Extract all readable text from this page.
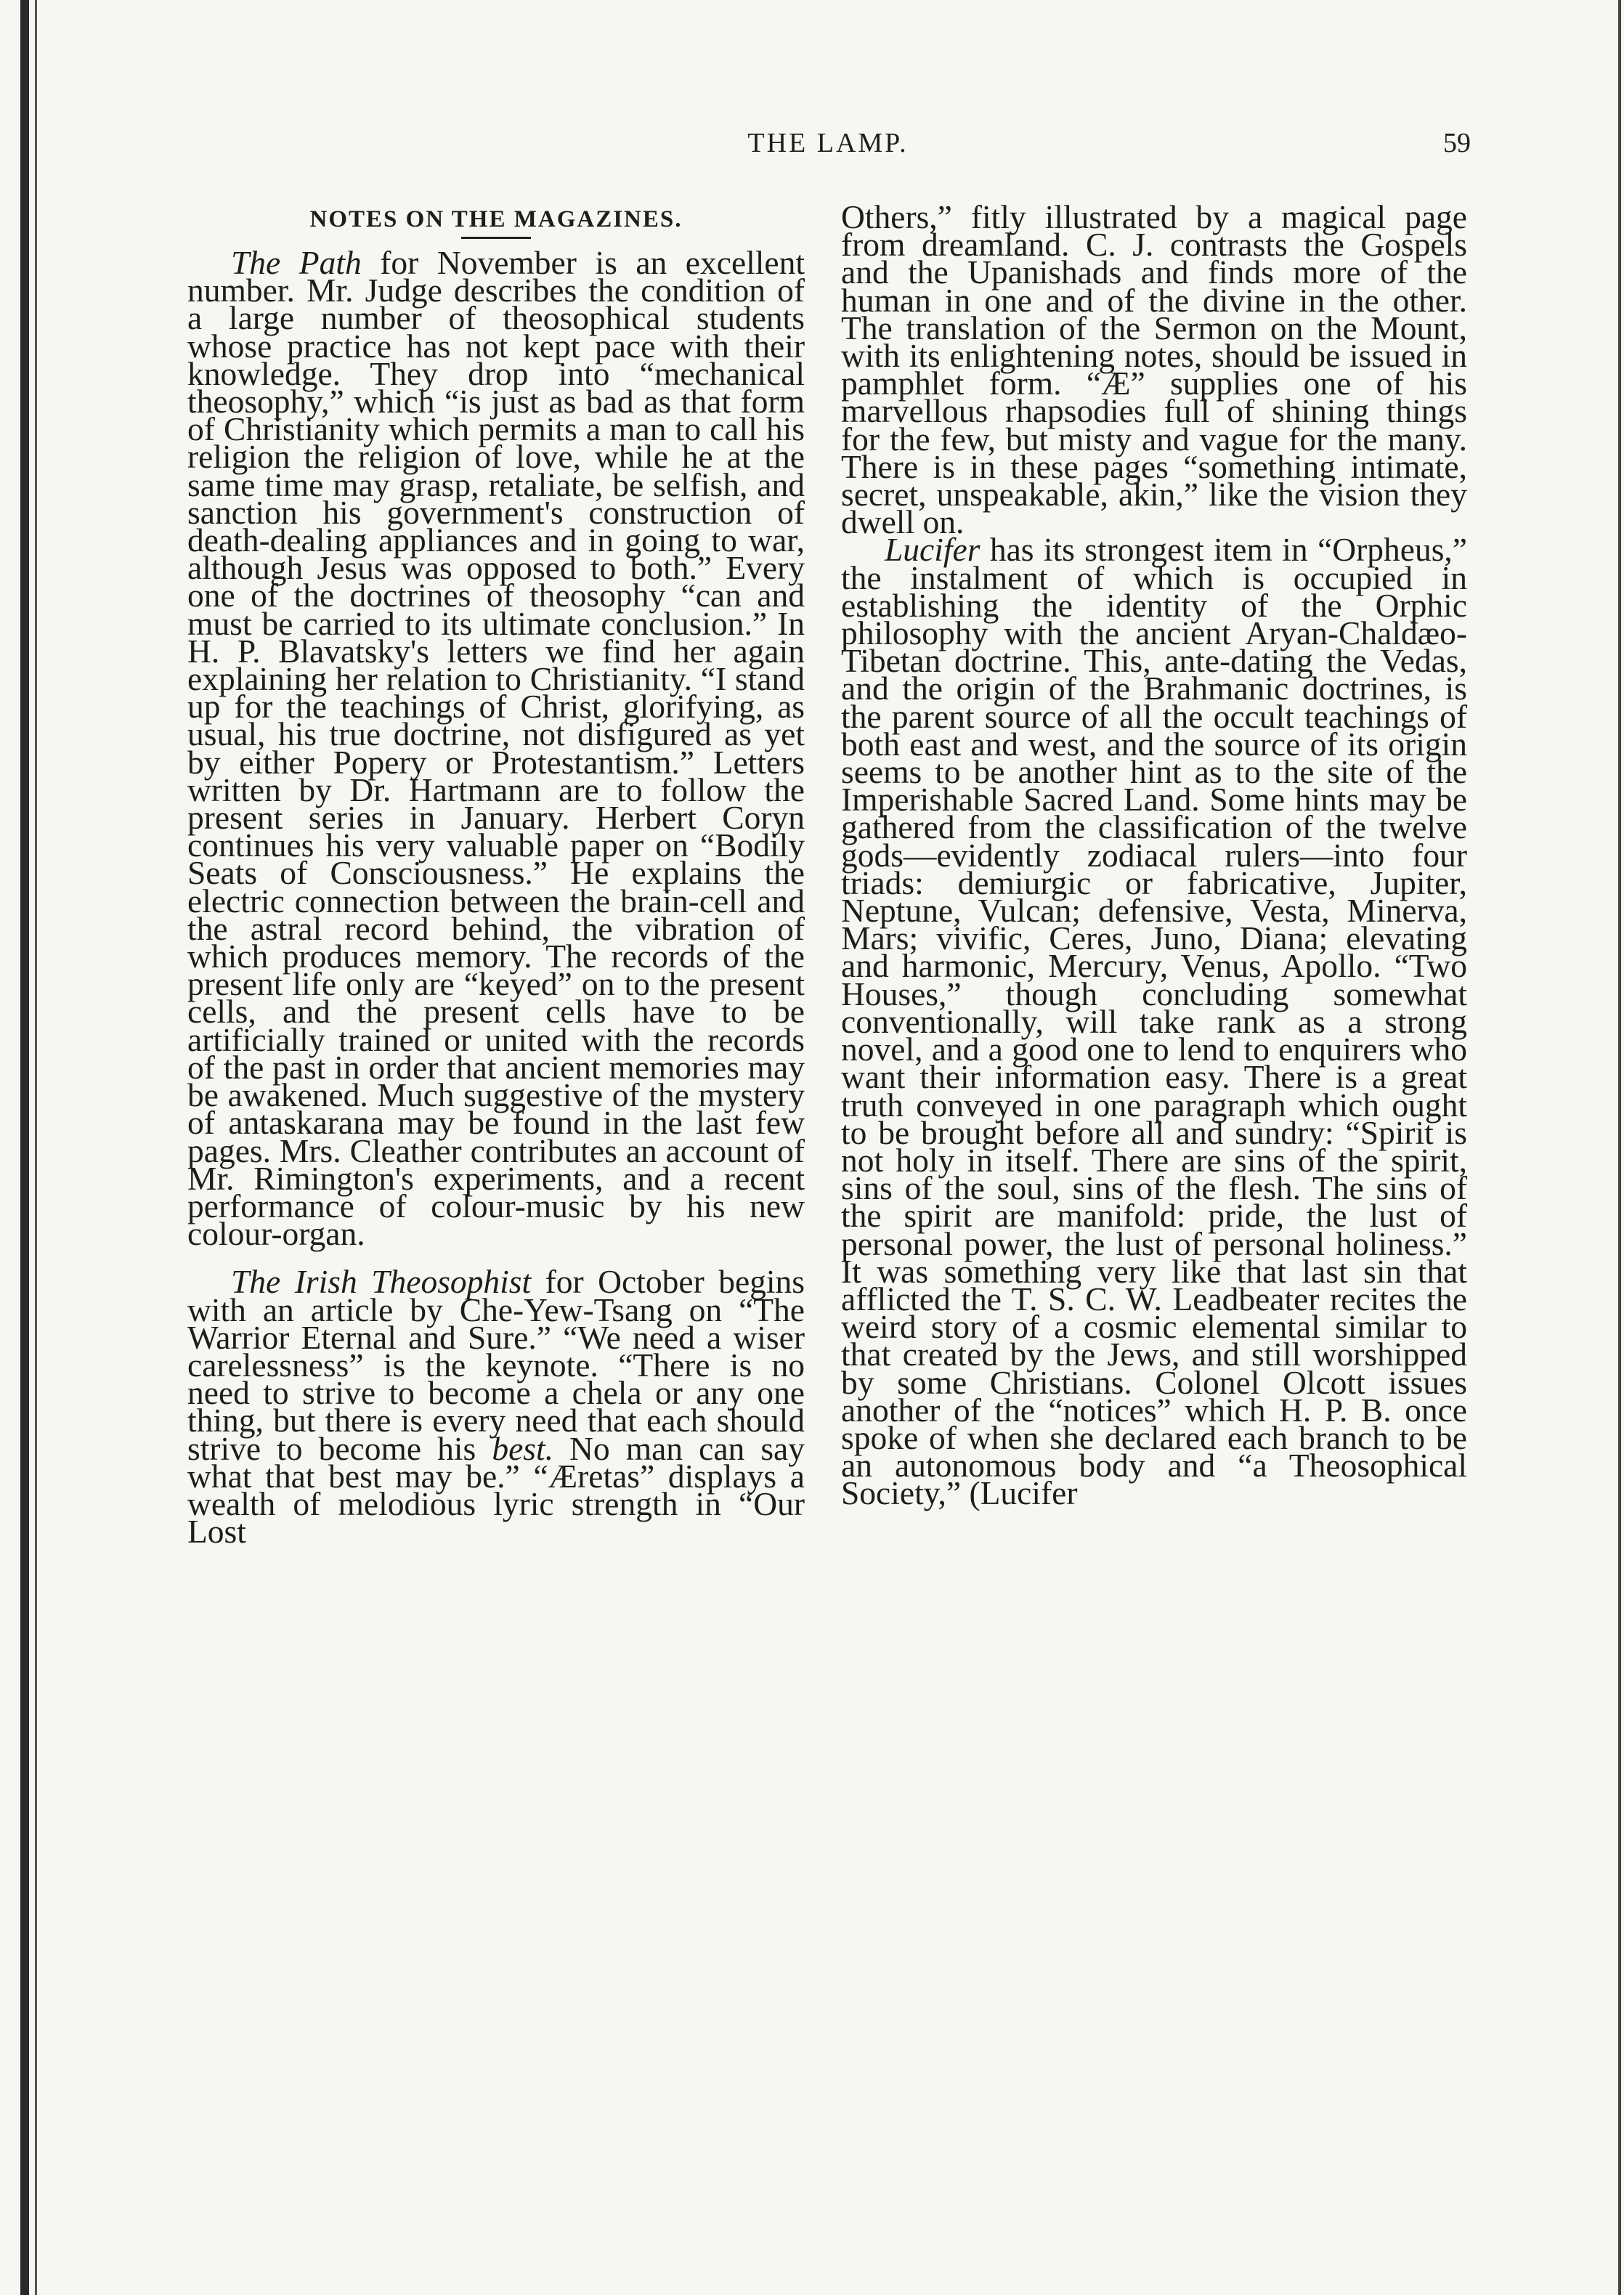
THE LAMP.	59
NOTES ON THE MAGAZINES.

The Path for November is an excellent number. Mr. Judge describes the condition of a large number of theosophical students whose practice has not kept pace with their knowledge. They drop into “mechanical theosophy,” which “is just as bad as that form of Christianity which permits a man to call his religion the religion of love, while he at the same time may grasp, retaliate, be selfish, and sanction his government's construction of death-dealing appliances and in going to war, although Jesus was opposed to both.” Every one of the doctrines of theosophy “can and must be carried to its ultimate conclusion.” In H. P. Blavatsky's letters we find her again explaining her relation to Christianity. “I stand up for the teachings of Christ, glorifying, as usual, his true doctrine, not disfigured as yet by either Popery or Protestantism.” Letters written by Dr. Hartmann are to follow the present series in January. Herbert Coryn continues his very valuable paper on “Bodily Seats of Consciousness.” He explains the electric connection between the brain-cell and the astral record behind, the vibration of which produces memory. The records of the present life only are “keyed” on to the present cells, and the present cells have to be artificially trained or united with the records of the past in order that ancient memories may be awakened. Much suggestive of the mystery of antaskarana may be found in the last few pages. Mrs. Cleather contributes an account of Mr. Rimington's experiments, and a recent performance of colour-music by his new colour-organ.

The Irish Theosophist for October begins with an article by Che-Yew-Tsang on “The Warrior Eternal and Sure.” “We need a wiser carelessness” is the keynote. “There is no need to strive to become a chela or any one thing, but there is every need that each should strive to become his best. No man can say what that best may be.” “Æretas” displays a wealth of melodious lyric strength in “Our Lost

Others,” fitly illustrated by a magical page from dreamland. C. J. contrasts the Gospels and the Upanishads and finds more of the human in one and of the divine in the other. The translation of the Sermon on the Mount, with its enlightening notes, should be issued in pamphlet form. “Æ” supplies one of his marvellous rhapsodies full of shining things for the few, but misty and vague for the many. There is in these pages “something intimate, secret, unspeakable, akin,” like the vision they dwell on.

Lucifer has its strongest item in “Orpheus,” the instalment of which is occupied in establishing the identity of the Orphic philosophy with the ancient Aryan-Chaldæo-Tibetan doctrine. This, ante-dating the Vedas, and the origin of the Brahmanic doctrines, is the parent source of all the occult teachings of both east and west, and the source of its origin seems to be another hint as to the site of the Imperishable Sacred Land. Some hints may be gathered from the classification of the twelve gods—evidently zodiacal rulers—into four triads: demiurgic or fabricative, Jupiter, Neptune, Vulcan; defensive, Vesta, Minerva, Mars; vivific, Ceres, Juno, Diana; elevating and harmonic, Mercury, Venus, Apollo. “Two Houses,” though concluding somewhat conventionally, will take rank as a strong novel, and a good one to lend to enquirers who want their information easy. There is a great truth conveyed in one paragraph which ought to be brought before all and sundry: “Spirit is not holy in itself. There are sins of the spirit, sins of the soul, sins of the flesh. The sins of the spirit are manifold: pride, the lust of personal power, the lust of personal holiness.” It was something very like that last sin that afflicted the T. S. C. W. Leadbeater recites the weird story of a cosmic elemental similar to that created by the Jews, and still worshipped by some Christians. Colonel Olcott issues another of the “notices” which H. P. B. once spoke of when she declared each branch to be an autonomous body and “a Theosophical Society,” (Lucifer
